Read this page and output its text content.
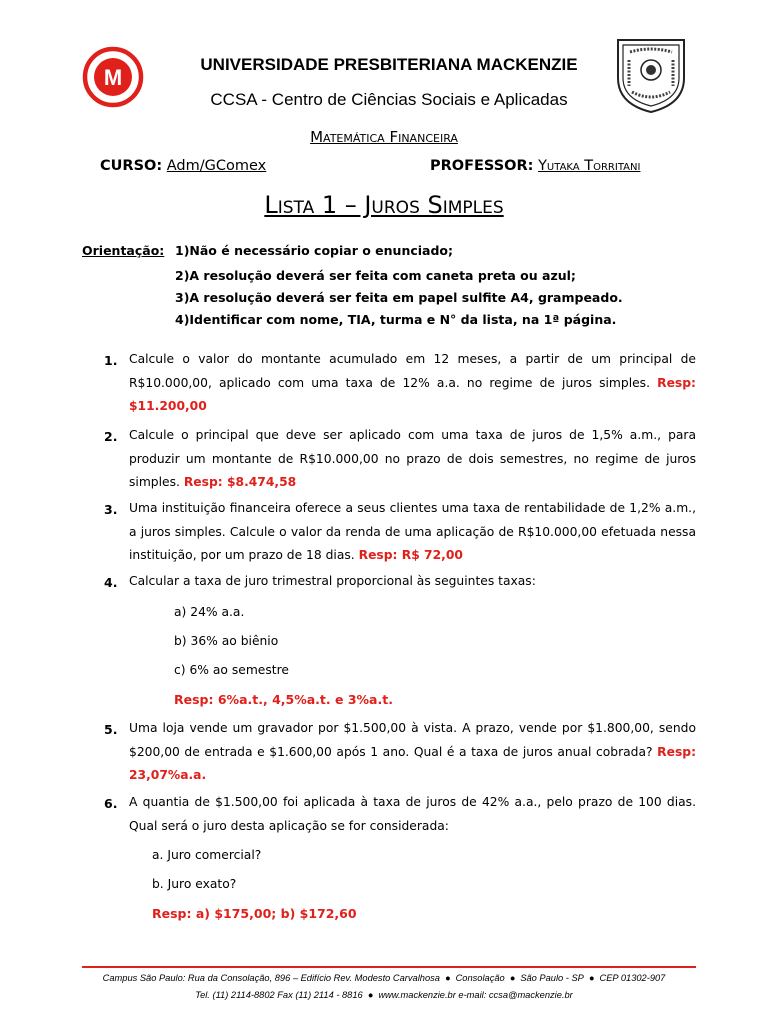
M
UNIVERSIDADE PRESBITERIANA MACKENZIE
CCSA - Centro de Ciências Sociais e Aplicadas
Matemática Financeira
CURSO: Adm/GComex	PROFESSOR: Yutaka Torritani
Lista 1 – Juros Simples
Orientação: 1)Não é necessário copiar o enunciado;
2)A resolução deverá ser feita com caneta preta ou azul;
3)A resolução deverá ser feita em papel sulfite A4, grampeado.
4)Identificar com nome, TIA, turma e N° da lista, na 1ª página.
1. Calcule o valor do montante acumulado em 12 meses, a partir de um principal de R$10.000,00, aplicado com uma taxa de 12% a.a. no regime de juros simples. Resp: $11.200,00
2. Calcule o principal que deve ser aplicado com uma taxa de juros de 1,5% a.m., para produzir um montante de R$10.000,00 no prazo de dois semestres, no regime de juros simples. Resp: $8.474,58
3. Uma instituição financeira oferece a seus clientes uma taxa de rentabilidade de 1,2% a.m., a juros simples. Calcule o valor da renda de uma aplicação de R$10.000,00 efetuada nessa instituição, por um prazo de 18 dias. Resp: R$ 72,00
4. Calcular a taxa de juro trimestral proporcional às seguintes taxas:
a) 24% a.a.
b) 36% ao biênio
c) 6% ao semestre
Resp: 6%a.t., 4,5%a.t. e 3%a.t.
5. Uma loja vende um gravador por $1.500,00 à vista. A prazo, vende por $1.800,00, sendo $200,00 de entrada e $1.600,00 após 1 ano. Qual é a taxa de juros anual cobrada? Resp: 23,07%a.a.
6. A quantia de $1.500,00 foi aplicada à taxa de juros de 42% a.a., pelo prazo de 100 dias. Qual será o juro desta aplicação se for considerada:
a. Juro comercial?
b. Juro exato?
Resp: a) $175,00; b) $172,60
Campus São Paulo: Rua da Consolação, 896 – Edifício Rev. Modesto Carvalhosa ● Consolação ● São Paulo - SP ● CEP 01302-907
Tel. (11) 2114-8802 Fax (11) 2114 - 8816 ● www.mackenzie.br e-mail: ccsa@mackenzie.br
